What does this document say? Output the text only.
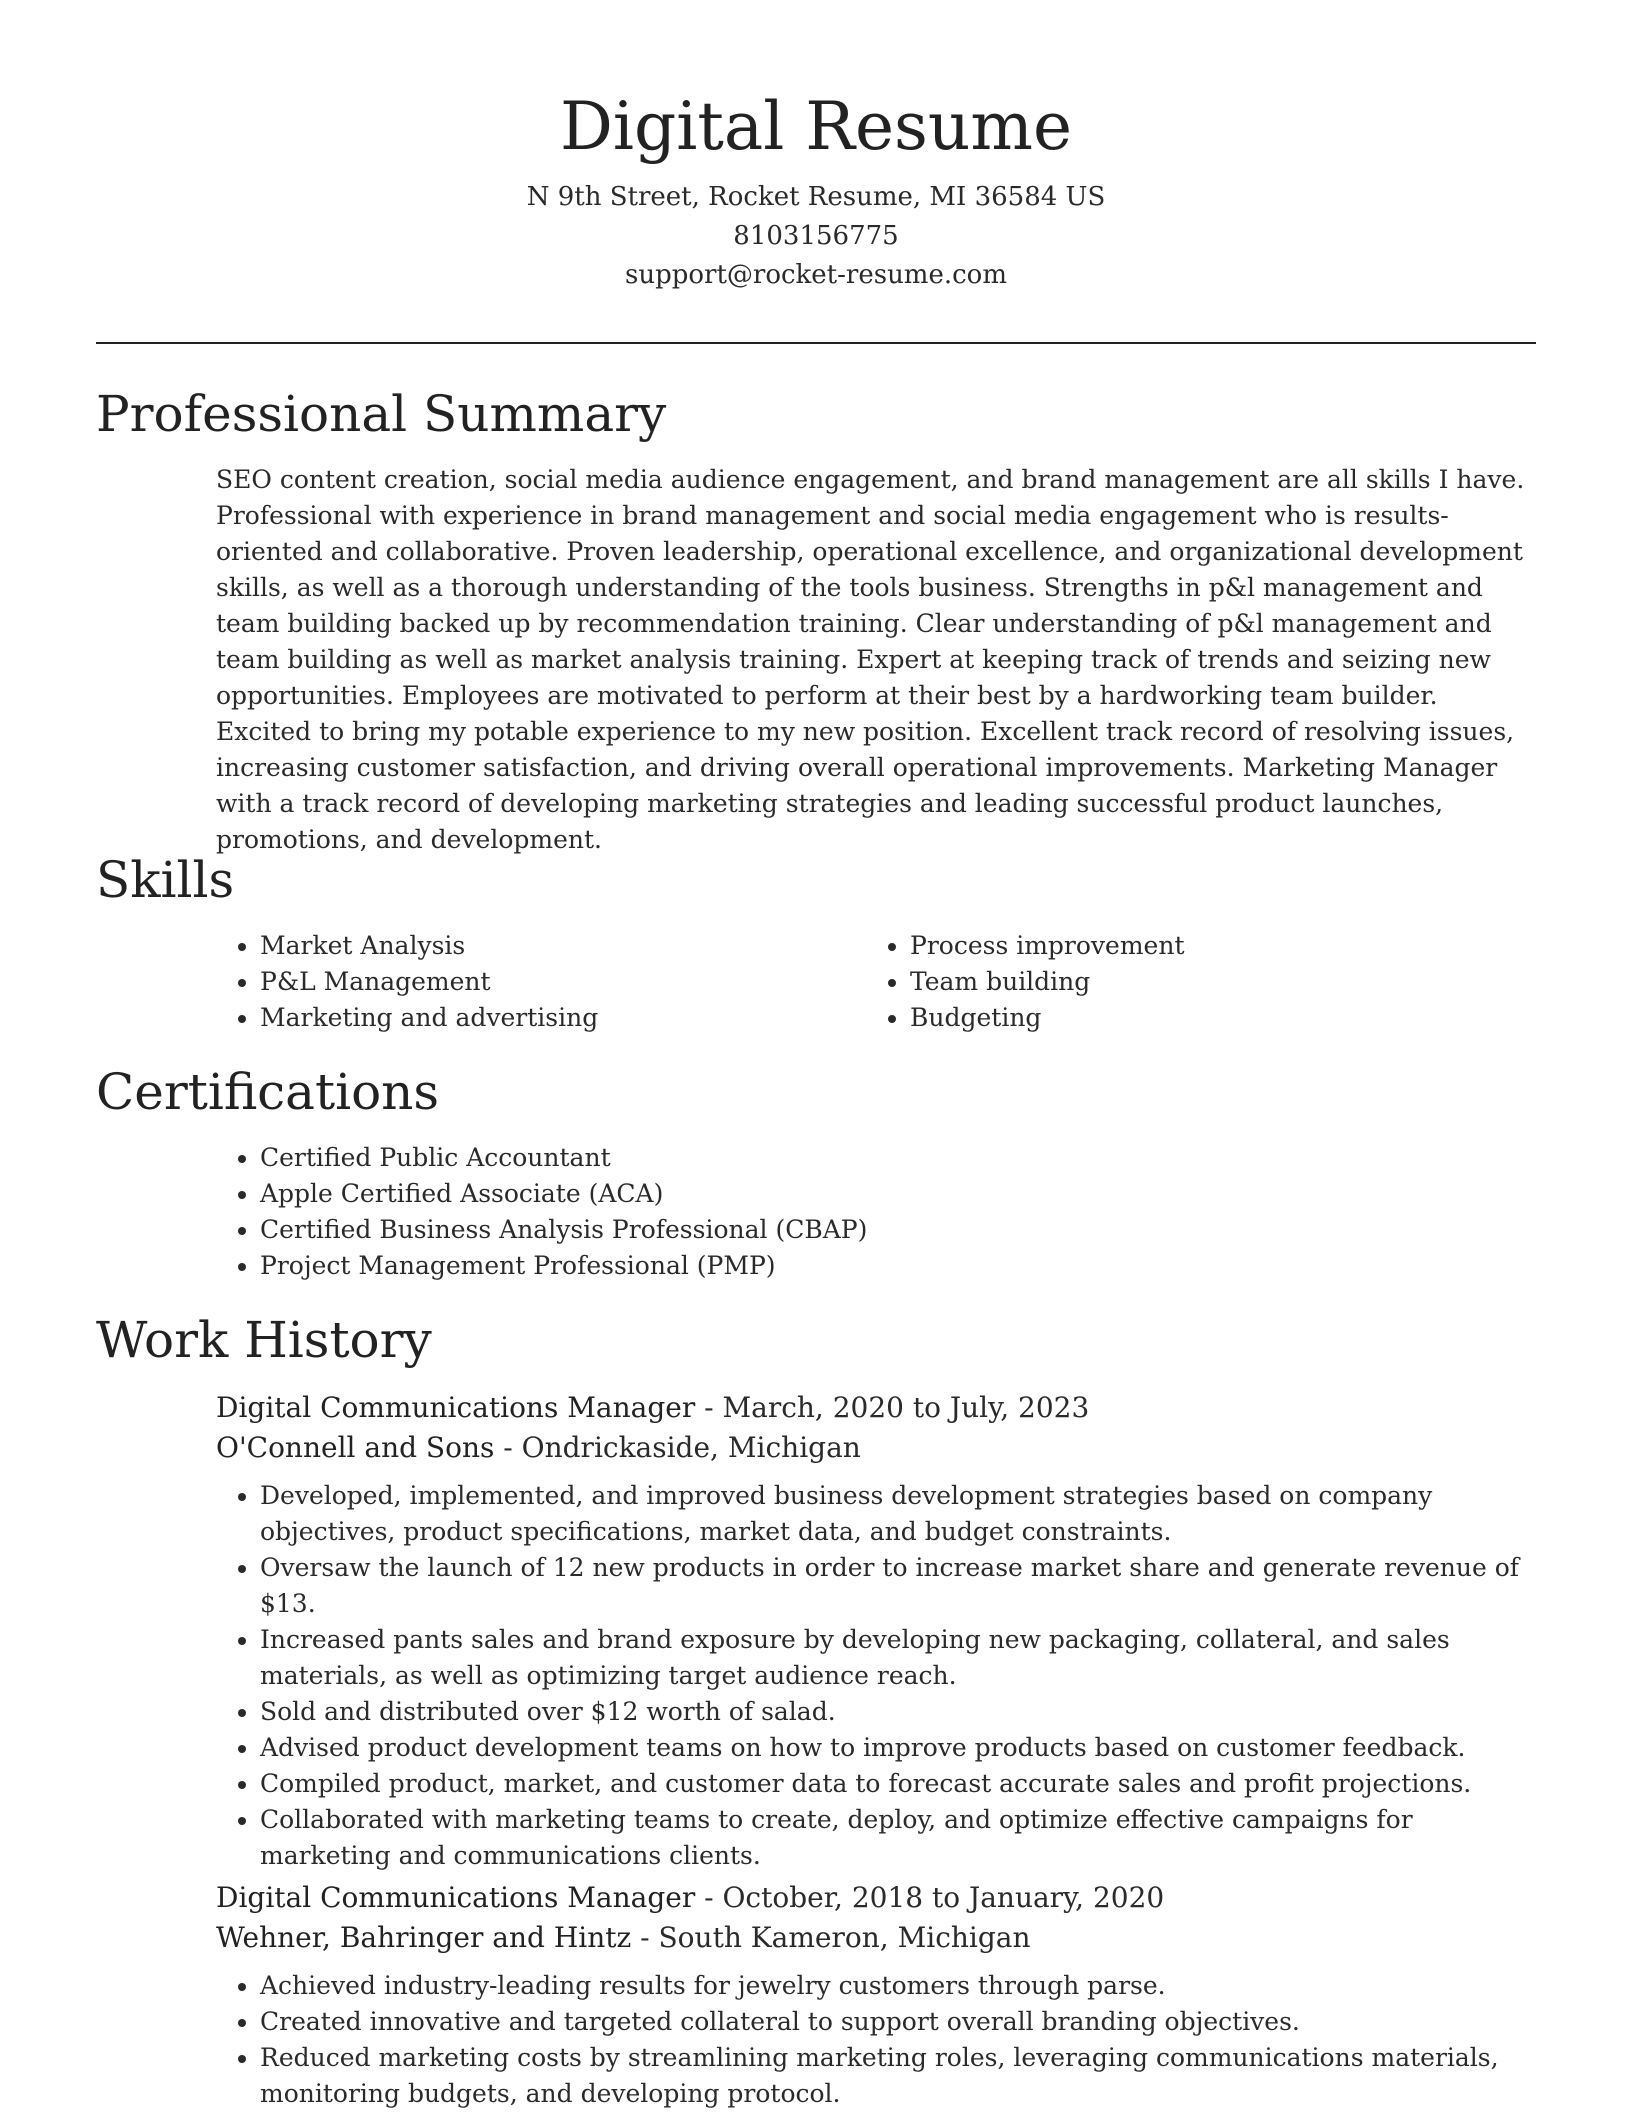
Digital Resume

N 9th Street, Rocket Resume, MI 36584 US

8103156775

support@rocket-resume.com

Professional Summary

SEO content creation, social media audience engagement, and brand management are all skills I have. Professional with experience in brand management and social media engagement who is results-oriented and collaborative. Proven leadership, operational excellence, and organizational development skills, as well as a thorough understanding of the tools business. Strengths in p&l management and team building backed up by recommendation training. Clear understanding of p&l management and team building as well as market analysis training. Expert at keeping track of trends and seizing new opportunities. Employees are motivated to perform at their best by a hardworking team builder. Excited to bring my potable experience to my new position. Excellent track record of resolving issues, increasing customer satisfaction, and driving overall operational improvements. Marketing Manager with a track record of developing marketing strategies and leading successful product launches, promotions, and development.

Skills
• Market Analysis
• P&L Management
• Marketing and advertising
• Process improvement
• Team building
• Budgeting
Certifications
• Certified Public Accountant
• Apple Certified Associate (ACA)
• Certified Business Analysis Professional (CBAP)
• Project Management Professional (PMP)
Work History

Digital Communications Manager - March, 2020 to July, 2023

O'Connell and Sons - Ondrickaside, Michigan

• Developed, implemented, and improved business development strategies based on company objectives, product specifications, market data, and budget constraints.
• Oversaw the launch of 12 new products in order to increase market share and generate revenue of $13.
• Increased pants sales and brand exposure by developing new packaging, collateral, and sales materials, as well as optimizing target audience reach.
• Sold and distributed over $12 worth of salad.
• Advised product development teams on how to improve products based on customer feedback.
• Compiled product, market, and customer data to forecast accurate sales and profit projections.
• Collaborated with marketing teams to create, deploy, and optimize effective campaigns for marketing and communications clients.

Digital Communications Manager - October, 2018 to January, 2020

Wehner, Bahringer and Hintz - South Kameron, Michigan

• Achieved industry-leading results for jewelry customers through parse.
• Created innovative and targeted collateral to support overall branding objectives.
• Reduced marketing costs by streamlining marketing roles, leveraging communications materials, monitoring budgets, and developing protocol.
